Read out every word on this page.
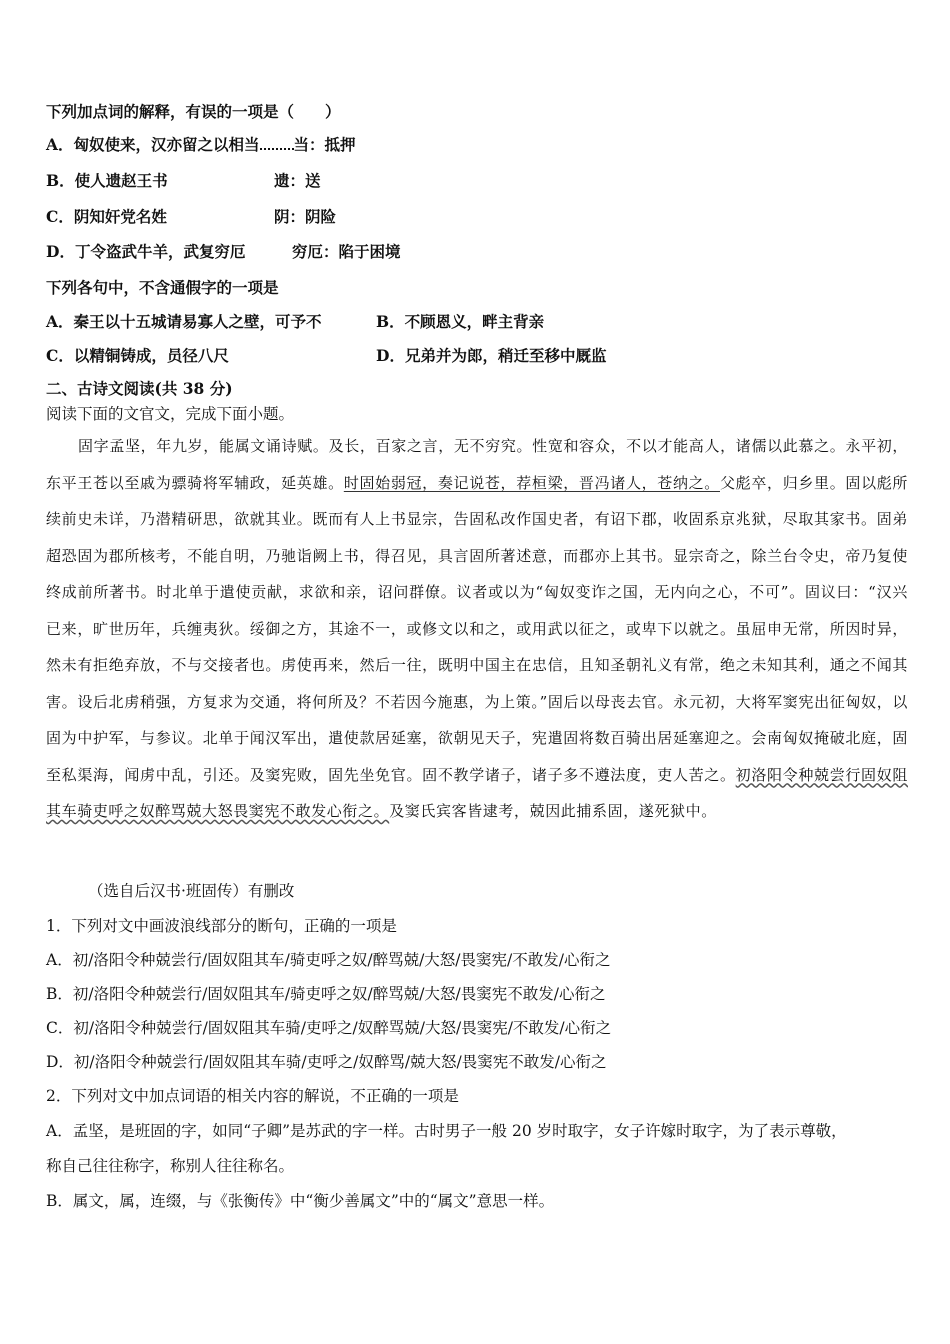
下列加点词的解释，有误的一项是（　　）
A．匈奴使来，汉亦留之以相当 当：抵押
B．使人遗赵王书	遗：送
C．阴知奸党名姓	阴：阴险
D．丁令盗武牛羊，武复穷厄	穷厄：陷于困境
下列各句中，不含通假字的一项是
A．秦王以十五城请易寡人之壁，可予不	B．不顾恩义，畔主背亲
C．以精铜铸成，员径八尺	D．兄弟并为郎，稍迁至移中厩监
二、古诗文阅读(共 38 分)
阅读下面的文官文，完成下面小题。
固字孟坚，年九岁，能属文诵诗赋。及长，百家之言，无不穷究。性宽和容众，不以才能高人，诸儒以此慕之。永平初，东平王苍以至戚为骠骑将军辅政，延英雄。时固始弱冠，奏记说苍，荐桓梁，晋冯诸人，苍纳之。父彪卒，归乡里。固以彪所续前史未详，乃潜精研思，欲就其业。既而有人上书显宗，告固私改作国史者，有诏下郡，收固系京兆狱，尽取其家书。固弟超恐固为郡所核考，不能自明，乃驰诣阙上书，得召见，具言固所著述意，而郡亦上其书。显宗奇之，除兰台令史，帝乃复使终成前所著书。时北单于遣使贡献，求欲和亲，诏问群僚。议者或以为“匈奴变诈之国，无内向之心，不可”。固议曰：“汉兴已来，旷世历年，兵缠夷狄。绥御之方，其途不一，或修文以和之，或用武以征之，或卑下以就之。虽屈申无常，所因时异，然未有拒绝弃放，不与交接者也。虏使再来，然后一往，既明中国主在忠信，且知圣朝礼义有常，绝之未知其利，通之不闻其害。设后北虏稍强，方复求为交通，将何所及？不若因今施惠，为上策。”固后以母丧去官。永元初，大将军窦宪出征匈奴，以固为中护军，与参议。北单于闻汉军出，遣使款居延塞，欲朝见天子，宪遣固将数百骑出居延塞迎之。会南匈奴掩破北庭，固至私渠海，闻虏中乱，引还。及窦宪败，固先坐免官。固不教学诸子，诸子多不遵法度，吏人苦之。初洛阳令种兢尝行固奴阻其车骑吏呼之奴醉骂兢大怒畏窦宪不敢发心衔之。及窦氏宾客皆逮考，兢因此捕系固，遂死狱中。
（选自后汉书·班固传）有删改
1．下列对文中画波浪线部分的断句，正确的一项是
A．初/洛阳令种兢尝行/固奴阻其车/骑吏呼之奴/醉骂兢/大怒/畏窦宪/不敢发/心衔之
B．初/洛阳令种兢尝行/固奴阻其车/骑吏呼之奴/醉骂兢/大怒/畏窦宪不敢发/心衔之
C．初/洛阳令种兢尝行/固奴阻其车骑/吏呼之/奴醉骂兢/大怒/畏窦宪/不敢发/心衔之
D．初/洛阳令种兢尝行/固奴阻其车骑/吏呼之/奴醉骂/兢大怒/畏窦宪不敢发/心衔之
2．下列对文中加点词语的相关内容的解说，不正确的一项是
A．孟坚，是班固的字，如同“子卿”是苏武的字一样。古时男子一般 20 岁时取字，女子许嫁时取字，为了表示尊敬，
称自己往往称字，称别人往往称名。
B．属文，属，连缀，与《张衡传》中“衡少善属文”中的“属文”意思一样。
